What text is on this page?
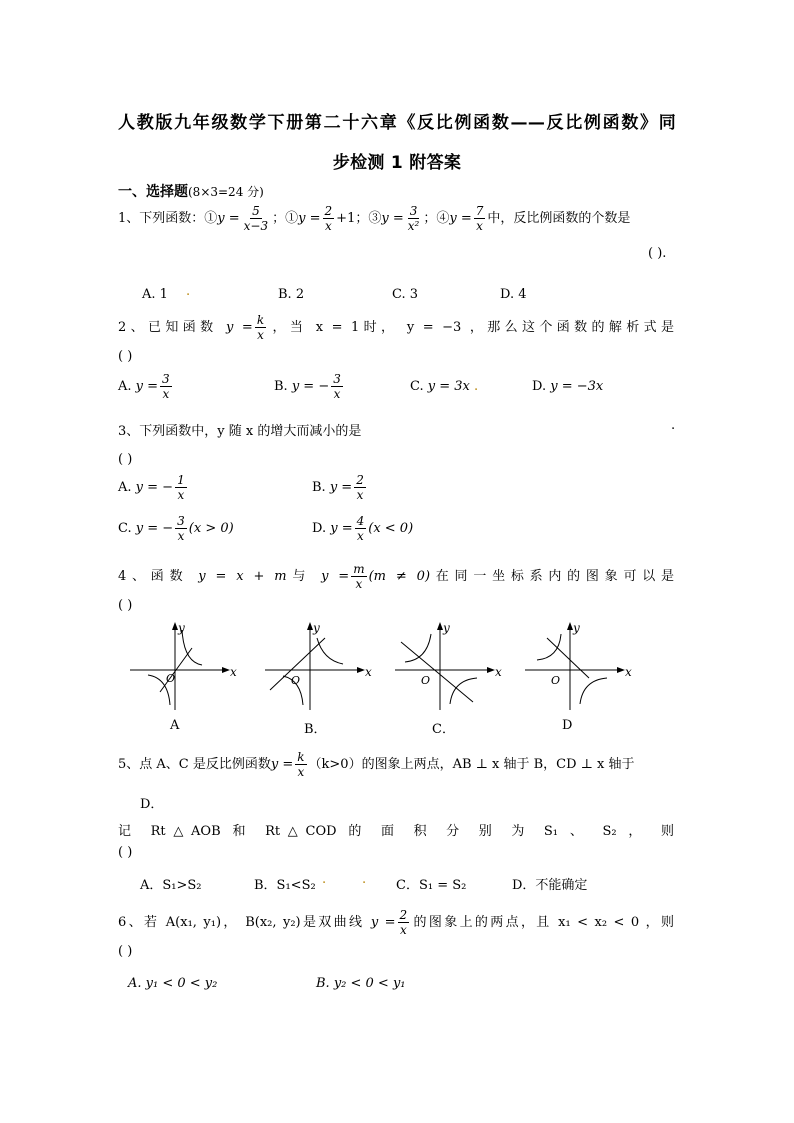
人教版九年级数学下册第二十六章《反比例函数——反比例函数》同
步检测 1 附答案
一、选择题(8×3=24 分)
1、下列函数：①y = $\frac{5}{x-3}$ ；①y = $\frac{2}{x} +1$；③y = $\frac{3}{\text{x²}}$ ；④y = $\frac{7}{x}$ 中，反比例函数的个数是
( ).
A. 1 .	B. 2	C. 3	D. 4
2、已知函数 $y = \frac{k}{x}$ ，当 x = 1时， y = −3 ，那么这个函数的解析式是
( )
A. $y = \frac{3}{x}$	B. y = − $\frac{3}{x}$	C. y = 3x .	D. y = −3x
3、下列函数中，y 随 x 的增大而减小的是	.
( )
A. y = − $\frac{1}{x}$	B. $y = \frac{2}{x}$
C. y = − $\frac{3}{x} (x > 0)$	D. $y = \frac{4}{x} (x < 0)$
4、函数 y = x + m与 $y = \frac{m}{x} (m \ne 0)$在同一坐标系内的图象可以是
( )
y
x
O
A
y
x
O
B．
y
x
O
C．
y
x
O
D
5、点 A、C 是反比例函数$y = \frac{k}{x} (k>0)$的图象上两点，AB ⊥ x 轴于 B，CD ⊥ x 轴于
D．
记 Rt△AOB 和 Rt△COD 的 面 积 分 别 为 S₁ 、 S₂ ， 则
( )
A．S₁>S₂	B．S₁<S₂ .	. C．S₁ = S₂	D．不能确定
6、若 A(x₁, y₁)， B(x₂, y₂)是双曲线 $y = \frac{2}{x}$ 的图象上的两点，且 x₁ < x₂ < 0 ，则
( )
A. y₁ < 0 < y₂	B. y₂ < 0 < y₁
